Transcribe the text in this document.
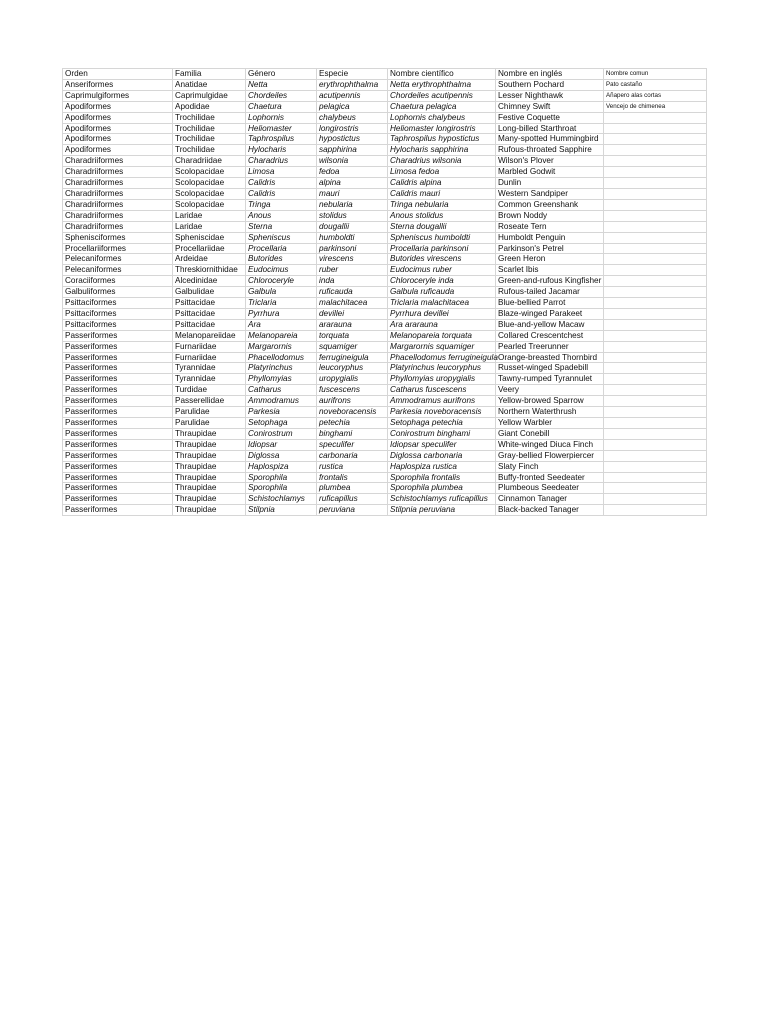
Orden	Familia	Género	Especie	Nombre científico	Nombre en inglés	Nombre comun
Anseriformes	Anatidae	Netta	erythrophthalma	Netta erythrophthalma	Southern Pochard	Pato castaño
Caprimulgiformes	Caprimulgidae	Chordeiles	acutipennis	Chordeiles acutipennis	Lesser Nighthawk	Añapero alas cortas
Apodiformes	Apodidae	Chaetura	pelagica	Chaetura pelagica	Chimney Swift	Vencejo de chimenea
Apodiformes	Trochilidae	Lophornis	chalybeus	Lophornis chalybeus	Festive Coquette	
Apodiformes	Trochilidae	Heliomaster	longirostris	Heliomaster longirostris	Long-billed Starthroat	
Apodiformes	Trochilidae	Taphrospilus	hypostictus	Taphrospilus hypostictus	Many-spotted Hummingbird	
Apodiformes	Trochilidae	Hylocharis	sapphirina	Hylocharis sapphirina	Rufous-throated Sapphire	
Charadriiformes	Charadriidae	Charadrius	wilsonia	Charadrius wilsonia	Wilson's Plover	
Charadriiformes	Scolopacidae	Limosa	fedoa	Limosa fedoa	Marbled Godwit	
Charadriiformes	Scolopacidae	Calidris	alpina	Calidris alpina	Dunlin	
Charadriiformes	Scolopacidae	Calidris	mauri	Calidris mauri	Western Sandpiper	
Charadriiformes	Scolopacidae	Tringa	nebularia	Tringa nebularia	Common Greenshank	
Charadriiformes	Laridae	Anous	stolidus	Anous stolidus	Brown Noddy	
Charadriiformes	Laridae	Sterna	dougallii	Sterna dougallii	Roseate Tern	
Sphenisciformes	Spheniscidae	Spheniscus	humboldti	Spheniscus humboldti	Humboldt Penguin	
Procellariiformes	Procellariidae	Procellaria	parkinsoni	Procellaria parkinsoni	Parkinson's Petrel	
Pelecaniformes	Ardeidae	Butorides	virescens	Butorides virescens	Green Heron	
Pelecaniformes	Threskiornithidae	Eudocimus	ruber	Eudocimus ruber	Scarlet Ibis	
Coraciiformes	Alcedinidae	Chloroceryle	inda	Chloroceryle inda	Green-and-rufous Kingfisher	
Galbuliformes	Galbulidae	Galbula	ruficauda	Galbula ruficauda	Rufous-tailed Jacamar	
Psittaciformes	Psittacidae	Triclaria	malachitacea	Triclaria malachitacea	Blue-bellied Parrot	
Psittaciformes	Psittacidae	Pyrrhura	devillei	Pyrrhura devillei	Blaze-winged Parakeet	
Psittaciformes	Psittacidae	Ara	ararauna	Ara ararauna	Blue-and-yellow Macaw	
Passeriformes	Melanopareiidae	Melanopareia	torquata	Melanopareia torquata	Collared Crescentchest	
Passeriformes	Furnariidae	Margarornis	squamiger	Margarornis squamiger	Pearled Treerunner	
Passeriformes	Furnariidae	Phacellodomus	ferrugineigula	Phacellodomus ferrugineigula	Orange-breasted Thornbird	
Passeriformes	Tyrannidae	Platyrinchus	leucoryphus	Platyrinchus leucoryphus	Russet-winged Spadebill	
Passeriformes	Tyrannidae	Phyllomyias	uropygialis	Phyllomyias uropygialis	Tawny-rumped Tyrannulet	
Passeriformes	Turdidae	Catharus	fuscescens	Catharus fuscescens	Veery	
Passeriformes	Passerellidae	Ammodramus	aurifrons	Ammodramus aurifrons	Yellow-browed Sparrow	
Passeriformes	Parulidae	Parkesia	noveboracensis	Parkesia noveboracensis	Northern Waterthrush	
Passeriformes	Parulidae	Setophaga	petechia	Setophaga petechia	Yellow Warbler	
Passeriformes	Thraupidae	Conirostrum	binghami	Conirostrum binghami	Giant Conebill	
Passeriformes	Thraupidae	Idiopsar	speculifer	Idiopsar speculifer	White-winged Diuca Finch	
Passeriformes	Thraupidae	Diglossa	carbonaria	Diglossa carbonaria	Gray-bellied Flowerpiercer	
Passeriformes	Thraupidae	Haplospiza	rustica	Haplospiza rustica	Slaty Finch	
Passeriformes	Thraupidae	Sporophila	frontalis	Sporophila frontalis	Buffy-fronted Seedeater	
Passeriformes	Thraupidae	Sporophila	plumbea	Sporophila plumbea	Plumbeous Seedeater	
Passeriformes	Thraupidae	Schistochlamys	ruficapillus	Schistochlamys ruficapillus	Cinnamon Tanager	
Passeriformes	Thraupidae	Stilpnia	peruviana	Stilpnia peruviana	Black-backed Tanager	
